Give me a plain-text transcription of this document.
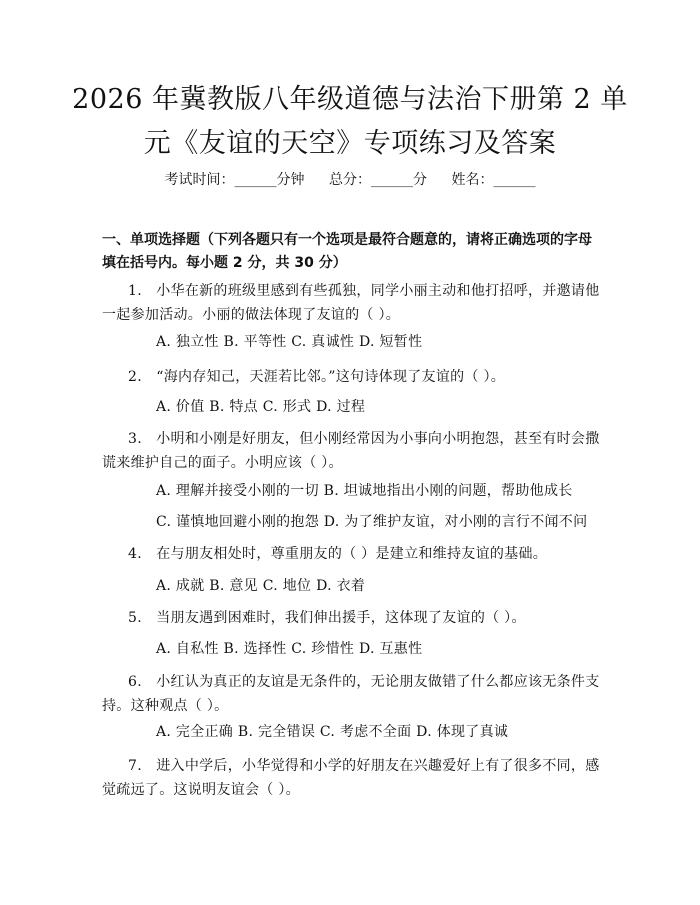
2026 年冀教版八年级道德与法治下册第 2 单
元《友谊的天空》专项练习及答案
考试时间：______分钟 总分：______分 姓名：______
一、单项选择题（下列各题只有一个选项是最符合题意的，请将正确选项的字母填在括号内。每小题 2 分，共 30 分）
1. 小华在新的班级里感到有些孤独，同学小丽主动和他打招呼，并邀请他一起参加活动。小丽的做法体现了友谊的（ ）。
A. 独立性 B. 平等性 C. 真诚性 D. 短暂性
2. “海内存知己，天涯若比邻。”这句诗体现了友谊的（ ）。
A. 价值 B. 特点 C. 形式 D. 过程
3. 小明和小刚是好朋友，但小刚经常因为小事向小明抱怨，甚至有时会撒谎来维护自己的面子。小明应该（ ）。
A. 理解并接受小刚的一切 B. 坦诚地指出小刚的问题，帮助他成长
C. 谨慎地回避小刚的抱怨 D. 为了维护友谊，对小刚的言行不闻不问
4. 在与朋友相处时，尊重朋友的（ ）是建立和维持友谊的基础。
A. 成就 B. 意见 C. 地位 D. 衣着
5. 当朋友遇到困难时，我们伸出援手，这体现了友谊的（ ）。
A. 自私性 B. 选择性 C. 珍惜性 D. 互惠性
6. 小红认为真正的友谊是无条件的，无论朋友做错了什么都应该无条件支持。这种观点（ ）。
A. 完全正确 B. 完全错误 C. 考虑不全面 D. 体现了真诚
7. 进入中学后，小华觉得和小学的好朋友在兴趣爱好上有了很多不同，感觉疏远了。这说明友谊会（ ）。
